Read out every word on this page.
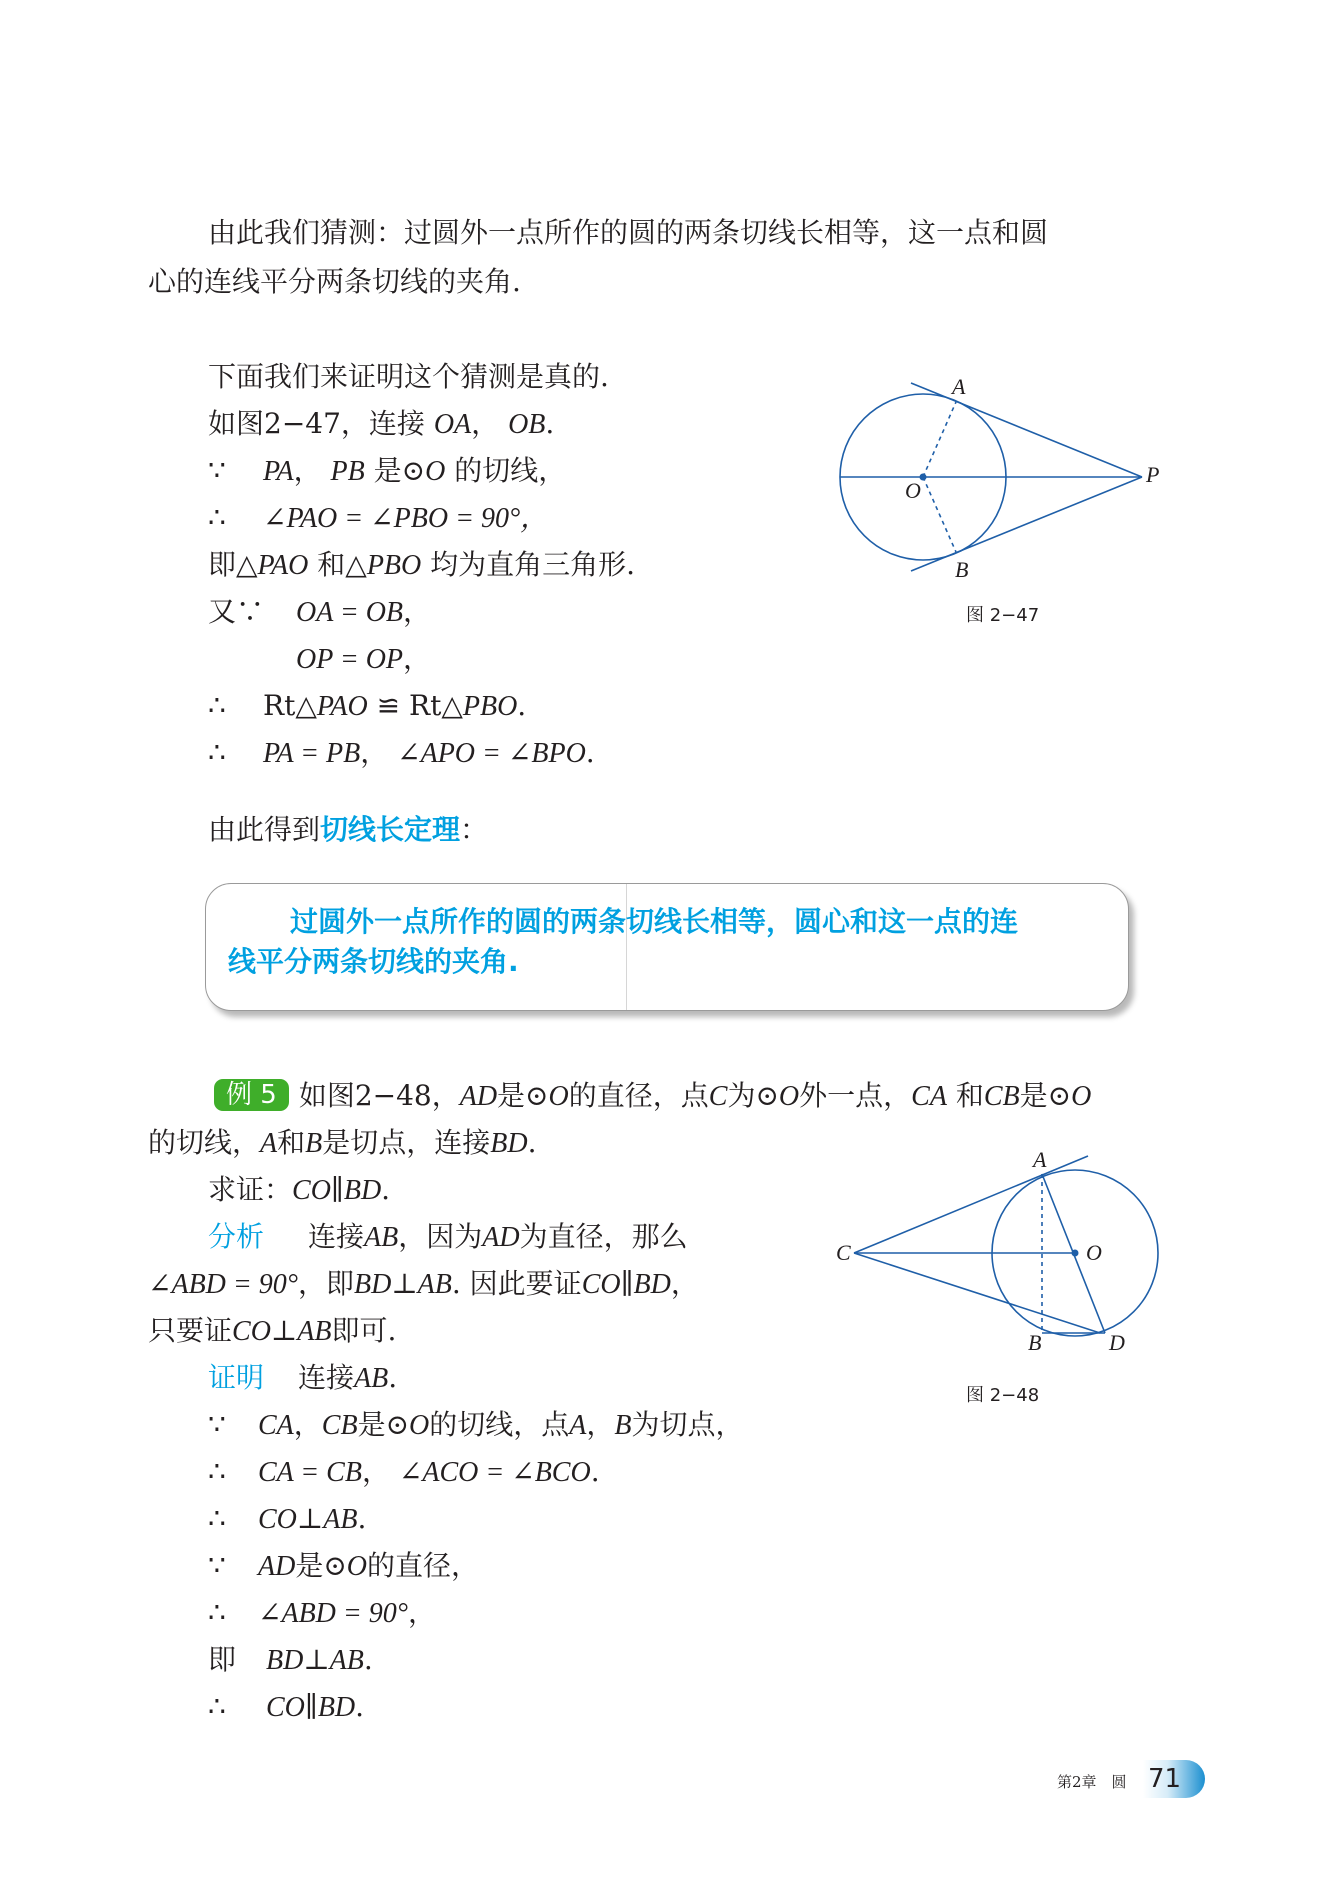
由此我们猜测：过圆外一点所作的圆的两条切线长相等，这一点和圆
心的连线平分两条切线的夹角.
下面我们来证明这个猜测是真的.
如图2−47，连接 OA， OB.
∵ PA， PB 是⊙O 的切线，
∴ ∠PAO = ∠PBO = 90°，
即△PAO 和△PBO 均为直角三角形.
又∵ OA = OB，
OP = OP，
∴ Rt△PAO ≌ Rt△PBO.
∴ PA = PB， ∠APO = ∠BPO.
由此得到切线长定理：
过圆外一点所作的圆的两条切线长相等，圆心和这一点的连
线平分两条切线的夹角.
例 5 如图2−48，AD是⊙O的直径，点C为⊙O外一点，CA 和CB是⊙O
的切线，A和B是切点，连接BD.
求证：CO∥BD.
分析 连接AB，因为AD为直径，那么
∠ABD = 90°，即BD⊥AB. 因此要证CO∥BD，
只要证CO⊥AB即可.
证明 连接AB.
∵ CA，CB是⊙O的切线，点A，B为切点，
∴ CA = CB， ∠ACO = ∠BCO.
∴ CO⊥AB.
∵ AD是⊙O的直径，
∴ ∠ABD = 90°，
即 BD⊥AB.
∴ CO∥BD.
A
B
O
P
图 2−47
A
B
C
D
O
图 2−48
第2章　圆 71
